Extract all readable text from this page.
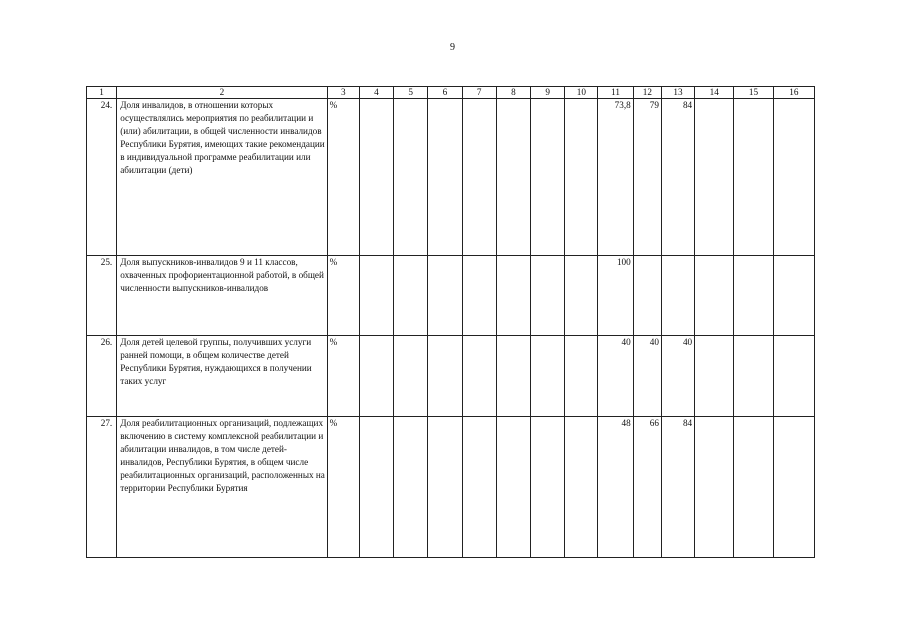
9
1	2	3	4	5	6	7	8	9	10	11	12	13	14	15	16
24.	Доля инвалидов, в отношении которых осуществлялись мероприятия по реабилитации и (или) абилитации, в общей численности инвалидов Республики Бурятия, имеющих такие рекомендации в индивидуальной программе реабилитации или абилитации (дети)	%								73,8	79	84			
25.	Доля выпускников-инвалидов 9 и 11 классов, охваченных профориентационной работой, в общей численности выпускников-инвалидов	%								100					
26.	Доля детей целевой группы, получивших услуги ранней помощи, в общем количестве детей Республики Бурятия, нуждающихся в получении таких услуг	%								40	40	40			
27.	Доля реабилитационных организаций, подлежащих включению в систему комплексной реабилитации и абилитации инвалидов, в том числе детей-инвалидов, Республики Бурятия, в общем числе реабилитационных организаций, расположенных на территории Республики Бурятия	%								48	66	84			
